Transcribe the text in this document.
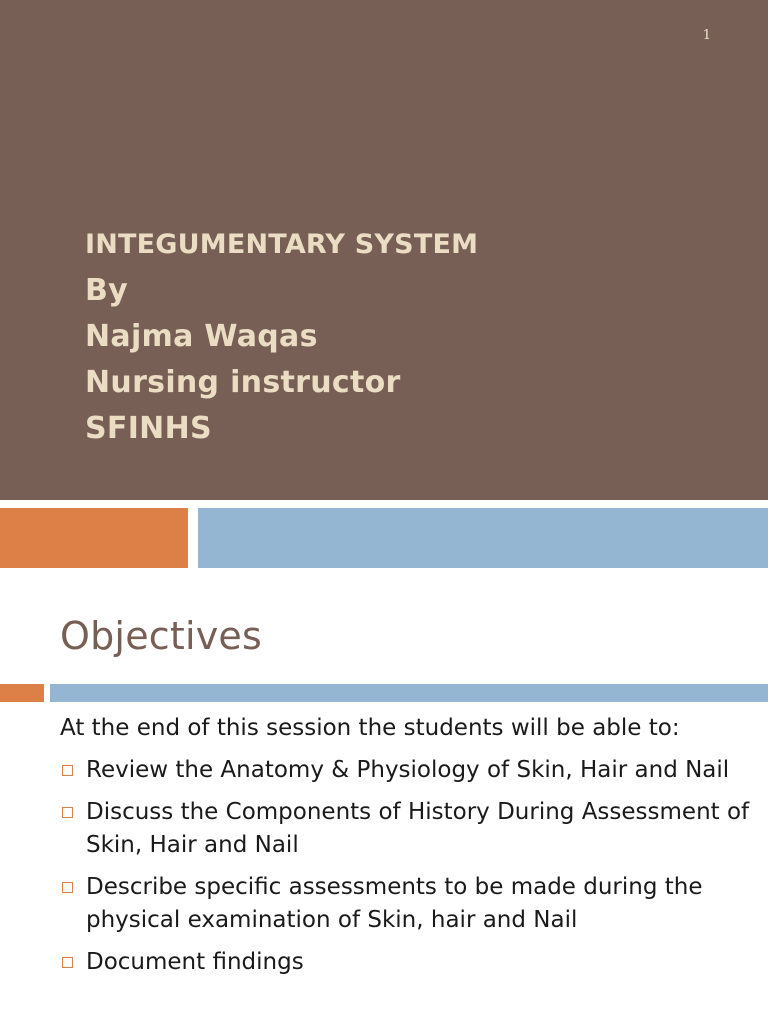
1
INTEGUMENTARY SYSTEM
By
Najma Waqas
Nursing instructor
SFINHS
Objectives
At the end of this session the students will be able to:
Review the Anatomy & Physiology of Skin, Hair and Nail
Discuss the Components of History During Assessment of Skin, Hair and Nail
Describe specific assessments to be made during the physical examination of Skin, hair and Nail
Document findings
